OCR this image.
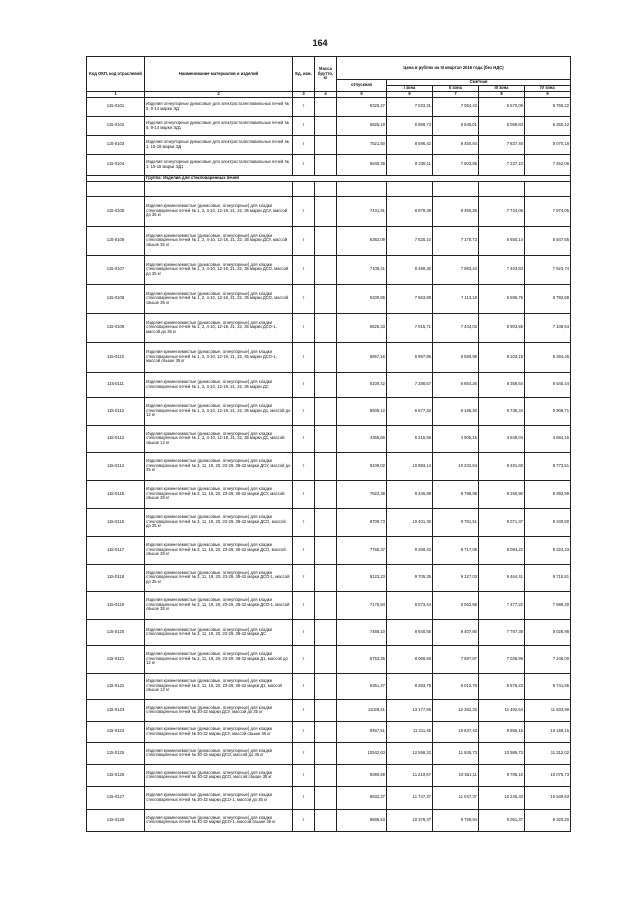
164
Код ОКП, код отраслевой	Наименование материалов и изделий	Ед. изм.	Масса брутто, кг	Цена в рублях на III квартал 2016 года (без НДС)				
				отпускная	Сметная			
					I зона	II зона	III зона	IV зона
1	2	3	4	5	6	7	8	9
115-0101	Изделия огнеупорные динасовые для электросталеплавильных печей № 5, 9-14 марки ЭД	т		6325,27	7 033,31	7 064,42	6 570,09	6 765,22
115-0102	Изделия огнеупорные динасовые для электросталеплавильных печей № 6, 9-14 марки ЭД1	т		5825,19	6 959,73	6 545,01	6 069,84	6 250,12
115-0103	Изделия огнеупорные динасовые для электросталеплавильных печей № 1, 15-18 марки ЭД	т		7521,50	8 596,42	8 450,84	7 837,40	8 070,18
115-0104	Изделия огнеупорные динасовые для электросталеплавильных печей № 1, 15-18 марки ЭД1	т		6945,39	8 238,11	7 803,85	7 237,10	7 452,06
	Группа: Изделия для стекловаренных печей							

115-0105	Изделия кремнеземистые (динасовые, огнеупорные) для кладки стекловаренных печей № 1, 2, 4-10, 12-18, 21, 22, 35 марки ДСУ, массой до 35 кг	т		7431,91	8 679,38	8 350,26	7 744,05	7 974,05
115-0106	Изделия кремнеземистые (динасовые, огнеупорные) для кладки стекловаренных печей № 1, 2, 4-10, 12-18, 21, 22, 35 марки ДСУ, массой свыше 35 кг	т		6382,09	7 625,10	7 170,73	6 650,14	6 847,65
115-0107	Изделия кремнеземистые (динасовые, огнеупорные) для кладки стекловаренных печей № 1, 2, 4-10, 12-18, 21, 22, 35 марки ДСО, массой до 35 кг	т		7105,41	8 489,30	7 983,44	7 403,84	7 623,74
115-0108	Изделия кремнеземистые (динасовые, огнеупорные) для кладки стекловаренных печей № 1, 2, 4-10, 12-18, 21, 22, 35 марки ДСО, массой свыше 35 кг	т		6330,86	7 563,89	7 113,18	6 596,76	6 792,69
115-0109	Изделия кремнеземистые (динасовые, огнеупорные) для кладки стекловаренных печей № 1, 2, 4-10, 12-18, 21, 22, 35 марки ДСО-1, массой до 35 кг	т		6625,33	7 915,71	7 444,03	6 903,55	7 108,64
115-0110	Изделия кремнеземистые (динасовые, огнеупорные) для кладки стекловаренных печей № 1, 2, 4-10, 12-18, 21, 22, 35 марки ДСО-1, массой свыше 35 кг	т		5857,16	6 997,95	6 580,96	6 103,18	6 284,45
115-0111	Изделия кремнеземистые (динасовые, огнеупорные) для кладки стекловаренных печей № 1, 2, 4-10, 12-18, 21, 22, 35 марки ДС	т		6100,42	7 288,57	6 854,26	6 356,64	6 545,44
115-0112	Изделия кремнеземистые (динасовые, огнеупорные) для кладки стекловаренных печей № 1, 2, 4-10, 12-18, 21, 22, 35 марки Д1, массой до 12 кг	т		5505,12	6 577,32	6 185,40	5 736,34	5 906,71
115-0113	Изделия кремнеземистые (динасовые, огнеупорные) для кладки стекловаренных печей № 1, 2, 4-10, 12-18, 21, 22, 35 марки Д1, массой свыше 12 кг	т		4365,66	5 215,96	4 905,15	4 549,04	4 684,15
115-0114	Изделия кремнеземистые (динасовые, огнеупорные) для кладки стекловаренных печей № 3, 11, 19, 20, 23-29, 38-42 марки ДСУ, массой до 35 кг	т		9109,02	10 883,14	10 234,64	9 491,60	9 773,51
115-0115	Изделия кремнеземистые (динасовые, огнеупорные) для кладки стекловаренных печей № 3, 11, 19, 20, 23-29, 38-42 марки ДСУ, массой свыше 35 кг	т		7822,38	9 345,89	8 788,98	8 150,90	8 392,99
115-0116	Изделия кремнеземистые (динасовые, огнеупорные) для кладки стекловаренных печей № 3, 11, 19, 20, 23-29, 38-42 марки ДСО, массой до 35 кг	т		8709,73	10 401,30	9 781,51	9 071,37	9 340,80
115-0117	Изделия кремнеземистые (динасовые, огнеупорные) для кладки стекловаренных печей № 3, 11, 19, 20, 23-29, 38-42 марки ДСО, массой свыше 35 кг	т		7758,37	9 269,43	8 717,08	8 084,22	8 324,33
115-0118	Изделия кремнеземистые (динасовые, огнеупорные) для кладки стекловаренных печей № 3, 11, 19, 20, 23-29, 38-42 марки ДСО-1, массой до 35 кг	т		8123,23	9 705,35	9 127,03	8 464,41	8 715,81
115-0119	Изделия кремнеземистые (динасовые, огнеупорные) для кладки стекловаренных печей № 3, 11, 19, 20, 23-29, 38-42 марки ДСО-1, массой свыше 35 кг	т		7175,84	8 573,44	8 062,56	7 477,22	7 699,30
115-0120	Изделия кремнеземистые (динасовые, огнеупорные) для кладки стекловаренных печей № 3, 11, 19, 20, 23-29, 38-42 марки ДС	т		7485,10	8 940,55	8 407,80	7 797,39	8 028,98
115-0121	Изделия кремнеземистые (динасовые, огнеупорные) для кладки стекловаренных печей № 3, 11, 19, 20, 23-29, 38-42 марки Д1, массой до 12 кг	т		6753,35	8 068,66	7 587,87	7 036,99	7 246,00
115-0122	Изделия кремнеземистые (динасовые, огнеупорные) для кладки стекловаренных печей № 3, 11, 19, 20, 23-29, 38-42 марки Д1, массой свыше 12 кг	т		5351,47	6 393,75	6 012,76	5 576,23	5 741,85
115-0123	Изделия кремнеземистые (динасовые, огнеупорные) для кладки стекловаренных печей № 30-32 марки ДСУ, массой до 35 кг	т		11028,41	13 177,65	12 392,33	11 492,64	11 833,99
115-0124	Изделия кремнеземистые (динасовые, огнеупорные) для кладки стекловаренных печей № 30-32 марки ДСУ, массой свыше 35 кг	т		9467,51	11 311,45	10 637,43	9 865,15	10 158,15
115-0125	Изделия кремнеземистые (динасовые, огнеупорные) для кладки стекловаренных печей № 30-32 марки ДСО, массой до 35 кг	т		10542,63	12 596,32	11 845,73	10 985,73	11 312,02
115-0126	Изделия кремнеземистые (динасовые, огнеупорные) для кладки стекловаренных печей № 30-32 марки ДСО, массой свыше 35 кг	т		9390,69	11 219,67	10 551,11	9 785,10	10 075,73
115-0127	Изделия кремнеземистые (динасовые, огнеупорные) для кладки стекловаренных печей № 30-32 марки ДСО-1, массой до 35 кг	т		9832,37	11 747,37	11 047,37	10 245,33	10 549,63
115-0128	Изделия кремнеземистые (динасовые, огнеупорные) для кладки стекловаренных печей № 30-32 марки ДСО-1, массой свыше 35 кг	т		8686,53	10 378,37	9 759,94	9 051,37	9 320,20
